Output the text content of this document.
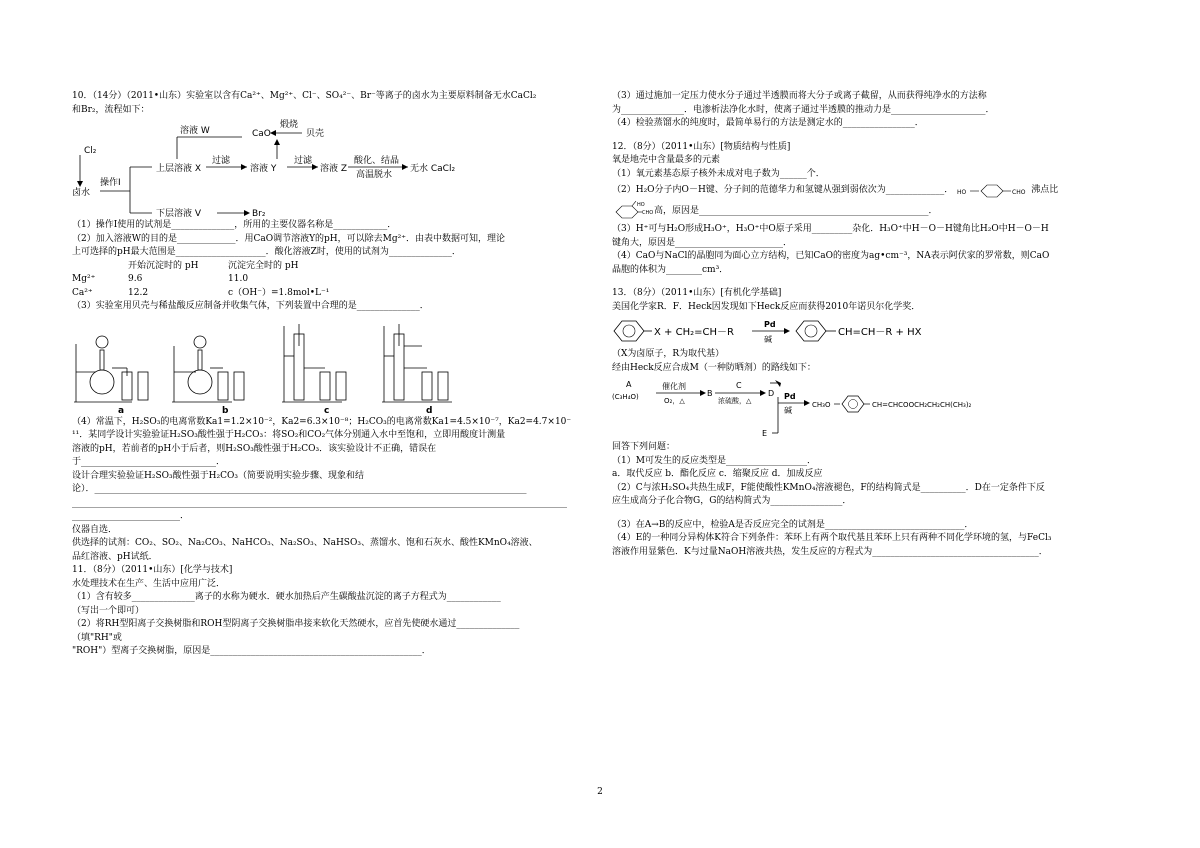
10．（14分）（2011•山东）实验室以含有Ca²⁺、Mg²⁺、Cl⁻、SO₄²⁻、Br⁻等离子的卤水为主要原料制备无水CaCl₂
和Br₂，流程如下：
Cl₂
卤水
操作Ⅰ
上层溶液 X
下层溶液 V
溶液 W
过滤
溶液 Y
CaO
煅烧
贝壳
过滤
溶液 Z
酸化、结晶
高温脱水
无水 CaCl₂
Br₂
（1）操作Ⅰ使用的试剂是______________，所用的主要仪器名称是____________．
（2）加入溶液W的目的是_____________．用CaO调节溶液Y的pH，可以除去Mg²⁺．由表中数据可知，理论
上可选择的pH最大范围是____________________．酸化溶液Z时，使用的试剂为______________．
开始沉淀时的 pH	沉淀完全时的 pH
Mg²⁺	9.6	11.0
Ca²⁺	12.2	c（OH⁻）=1.8mol•L⁻¹
（3）实验室用贝壳与稀盐酸反应制备并收集气体，下列装置中合理的是______________．
a	b	c	d
（4）常温下，H₂SO₃的电离常数Ka1=1.2×10⁻²，Ka2=6.3×10⁻⁸；H₂CO₃的电离常数Ka1=4.5×10⁻⁷，Ka2=4.7×10⁻
¹¹．某同学设计实验验证H₂SO₃酸性强于H₂CO₃：将SO₂和CO₂气体分别通入水中至饱和，立即用酸度计测量
溶液的pH，若前者的pH小于后者，则H₂SO₃酸性强于H₂CO₃．该实验设计不正确，错误在
于______________________________．
设计合理实验验证H₂SO₃酸性强于H₂CO₃（简要说明实验步骤、现象和结
论）．________________________________________________________________________________________________
______________________________________________________________________________________________________________
________________________．
仪器自选．
供选择的试剂：CO₂、SO₂、Na₂CO₃、NaHCO₃、Na₂SO₃、NaHSO₃、蒸馏水、饱和石灰水、酸性KMnO₄溶液、
品红溶液、pH试纸．
11．（8分）（2011•山东）[化学与技术]
水处理技术在生产、生活中应用广泛．
（1）含有较多______________离子的水称为硬水．硬水加热后产生碳酸盐沉淀的离子方程式为____________
（写出一个即可）
（2）将RH型阳离子交换树脂和ROH型阴离子交换树脂串接来软化天然硬水，应首先使硬水通过______________
（填"RH"或
"ROH"）型离子交换树脂，原因是_______________________________________________．
（3）通过施加一定压力使水分子通过半透膜而将大分子或离子截留，从而获得纯净水的方法称
为______________．电渗析法净化水时，使离子通过半透膜的推动力是_____________________．
（4）检验蒸馏水的纯度时，最简单易行的方法是测定水的________________．
12．（8分）（2011•山东）[物质结构与性质]
氧是地壳中含量最多的元素
（1）氧元素基态原子核外未成对电子数为______个．
（2）H₂O分子内O－H键、分子间的范德华力和氢键从强到弱依次为_____________． HO	CHO 沸点比
HO
CHO 高，原因是___________________________________________________．
（3）H⁺可与H₂O形成H₃O⁺，H₃O⁺中O原子采用_________杂化．H₃O⁺中H－O－H键角比H₂O中H－O－H
键角大，原因是________________________．
（4）CaO与NaCl的晶胞同为面心立方结构，已知CaO的密度为ag•cm⁻³，NA表示阿伏家的罗常数，则CaO
晶胞的体积为________cm³．
13．（8分）（2011•山东）[有机化学基础]
美国化学家R．F．Heck因发现如下Heck反应而获得2010年诺贝尔化学奖．
X + CH₂=CH－R
Pd
碱
CH=CH－R + HX
（X为卤原子，R为取代基）
经由Heck反应合成M（一种防晒剂）的路线如下：
A
(C₃H₄O)
催化剂
O₂，△
B
C
浓硫酸，△
D Pd
碱
E
CH₃O	CH=CHCOOCH₂CH₂CH(CH₃)₂
回答下列问题：
（1）M可发生的反应类型是__________________．
a．取代反应 b．酯化反应 c．缩聚反应 d．加成反应
（2）C与浓H₂SO₄共热生成F，F能使酸性KMnO₄溶液褪色，F的结构简式是__________．D在一定条件下反
应生成高分子化合物G，G的结构简式为________________．
（3）在A→B的反应中，检验A是否反应完全的试剂是_______________________________．
（4）E的一种同分异构体K符合下列条件：苯环上有两个取代基且苯环上只有两种不同化学环境的氢，与FeCl₃
溶液作用显紫色．K与过量NaOH溶液共热，发生反应的方程式为_____________________________________．
2
